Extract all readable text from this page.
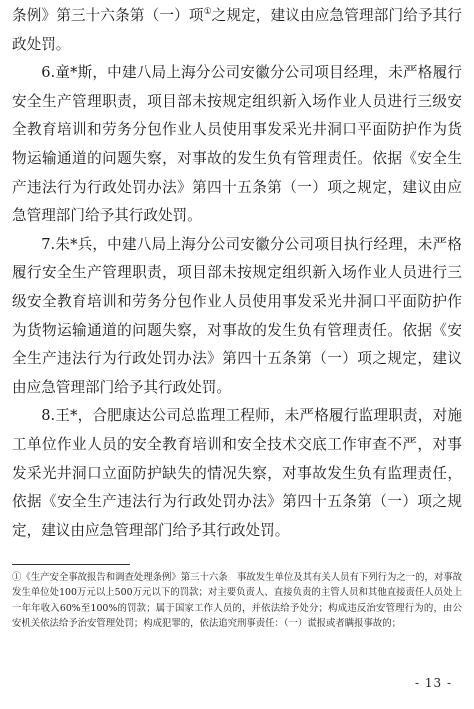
条例》第三十六条第（一）项①之规定，建议由应急管理部门给予其行政处罚。

6.童*斯，中建八局上海分公司安徽分公司项目经理，未严格履行安全生产管理职责，项目部未按规定组织新入场作业人员进行三级安全教育培训和劳务分包作业人员使用事发采光井洞口平面防护作为货物运输通道的问题失察，对事故的发生负有管理责任。依据《安全生产违法行为行政处罚办法》第四十五条第（一）项之规定，建议由应急管理部门给予其行政处罚。

7.朱*兵，中建八局上海分公司安徽分公司项目执行经理，未严格履行安全生产管理职责，项目部未按规定组织新入场作业人员进行三级安全教育培训和劳务分包作业人员使用事发采光井洞口平面防护作为货物运输通道的问题失察，对事故的发生负有管理责任。依据《安全生产违法行为行政处罚办法》第四十五条第（一）项之规定，建议由应急管理部门给予其行政处罚。

8.王*，合肥康达公司总监理工程师，未严格履行监理职责，对施工单位作业人员的安全教育培训和安全技术交底工作审查不严，对事发采光井洞口立面防护缺失的情况失察，对事故发生负有监理责任，依据《安全生产违法行为行政处罚办法》第四十五条第（一）项之规定，建议由应急管理部门给予其行政处罚。

①《生产安全事故报告和调查处理条例》第三十六条　事故发生单位及其有关人员有下列行为之一的，对事故发生单位处100万元以上500万元以下的罚款；对主要负责人、直接负责的主管人员和其他直接责任人员处上一年年收入60%至100%的罚款；属于国家工作人员的，并依法给予处分；构成违反治安管理行为的，由公安机关依法给予治安管理处罚；构成犯罪的，依法追究刑事责任：（一）谎报或者瞒报事故的；
- 13 -
